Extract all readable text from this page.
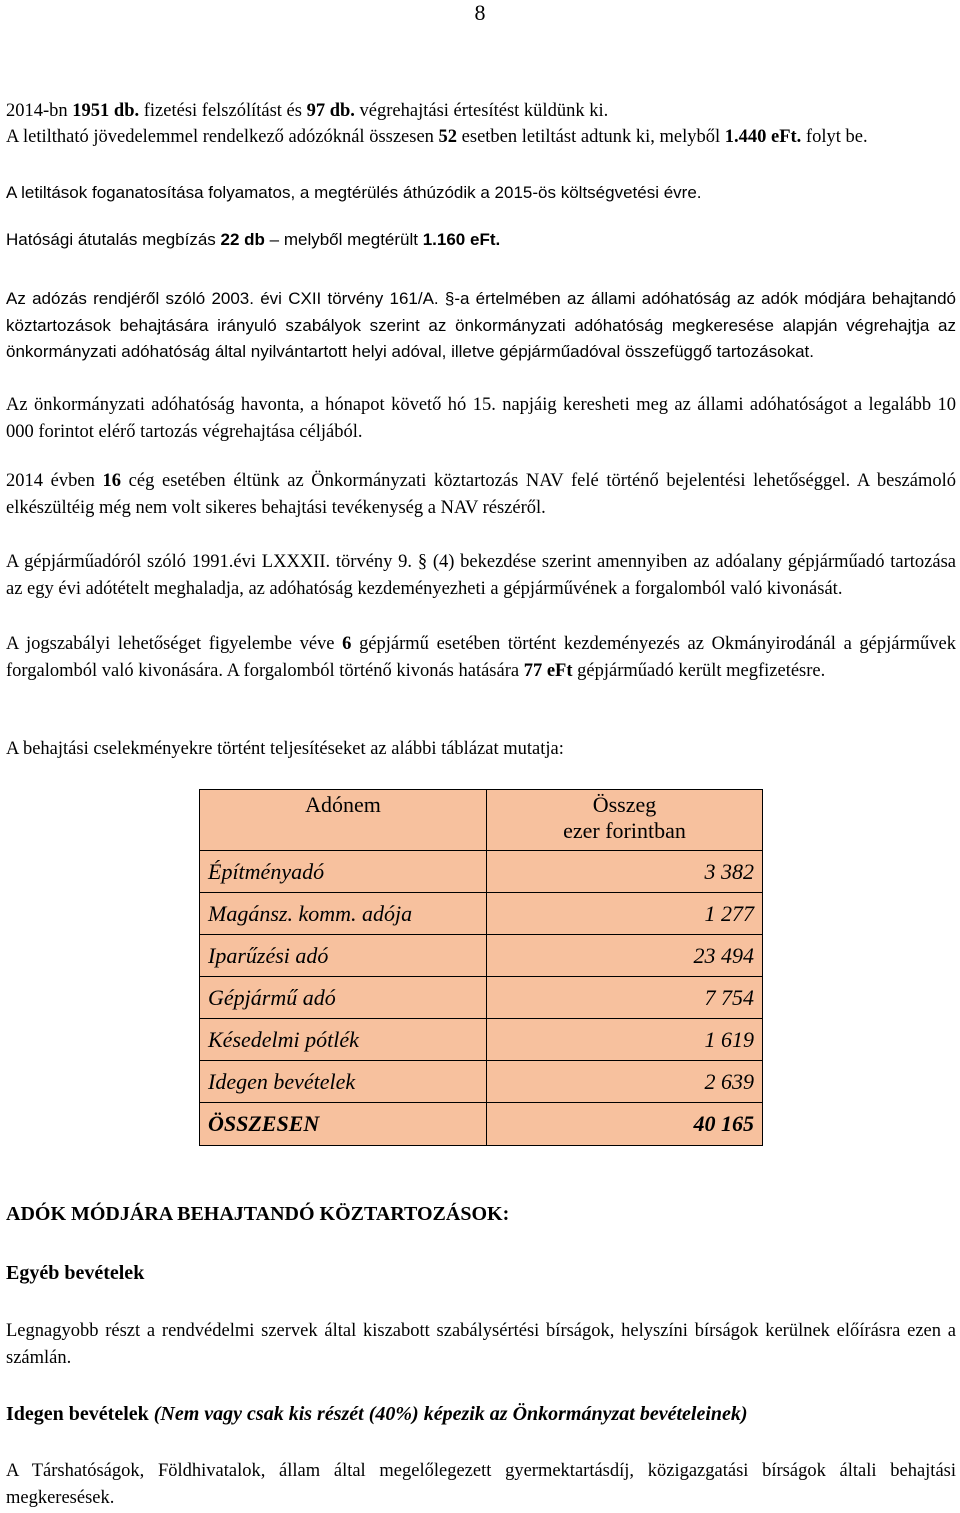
8

2014-bn 1951 db. fizetési felszólítást és 97 db. végrehajtási értesítést küldünk ki.

A letiltható jövedelemmel rendelkező adózóknál összesen 52 esetben letiltást adtunk ki, melyből 1.440 eFt. folyt be.

A letiltások foganatosítása folyamatos, a megtérülés áthúzódik a 2015-ös költségvetési évre.

Hatósági átutalás megbízás 22 db – melyből megtérült 1.160 eFt.

Az adózás rendjéről szóló 2003. évi CXII törvény 161/A. §-a értelmében az állami adóhatóság az adók módjára behajtandó köztartozások behajtására irányuló szabályok szerint az önkormányzati adóhatóság megkeresése alapján végrehajtja az önkormányzati adóhatóság által nyilvántartott helyi adóval, illetve gépjárműadóval összefüggő tartozásokat.

Az önkormányzati adóhatóság havonta, a hónapot követő hó 15. napjáig keresheti meg az állami adóhatóságot a legalább 10 000 forintot elérő tartozás végrehajtása céljából.

2014 évben 16 cég esetében éltünk az Önkormányzati köztartozás NAV felé történő bejelentési lehetőséggel. A beszámoló elkészültéig még nem volt sikeres behajtási tevékenység a NAV részéről.

A gépjárműadóról szóló 1991.évi LXXXII. törvény 9. § (4) bekezdése szerint amennyiben az adóalany gépjárműadó tartozása az egy évi adótételt meghaladja, az adóhatóság kezdeményezheti a gépjárművének a forgalomból való kivonását.

A jogszabályi lehetőséget figyelembe véve 6 gépjármű esetében történt kezdeményezés az Okmányirodánál a gépjárművek forgalomból való kivonására. A forgalomból történő kivonás hatására 77 eFt gépjárműadó került megfizetésre.

A behajtási cselekményekre történt teljesítéseket az alábbi táblázat mutatja:

Adónem	Összeg
ezer forintban
Építményadó	3 382
Magánsz. komm. adója	1 277
Iparűzési adó	23 494
Gépjármű adó	7 754
Késedelmi pótlék	1 619
Idegen bevételek	2 639
ÖSSZESEN	40 165
ADÓK MÓDJÁRA BEHAJTANDÓ KÖZTARTOZÁSOK:
Egyéb bevételek

Legnagyobb részt a rendvédelmi szervek által kiszabott szabálysértési bírságok, helyszíni bírságok kerülnek előírásra ezen a számlán.

Idegen bevételek (Nem vagy csak kis részét (40%) képezik az Önkormányzat bevételeinek)

A Társhatóságok, Földhivatalok, állam által megelőlegezett gyermektartásdíj, közigazgatási bírságok általi behajtási megkeresések.
